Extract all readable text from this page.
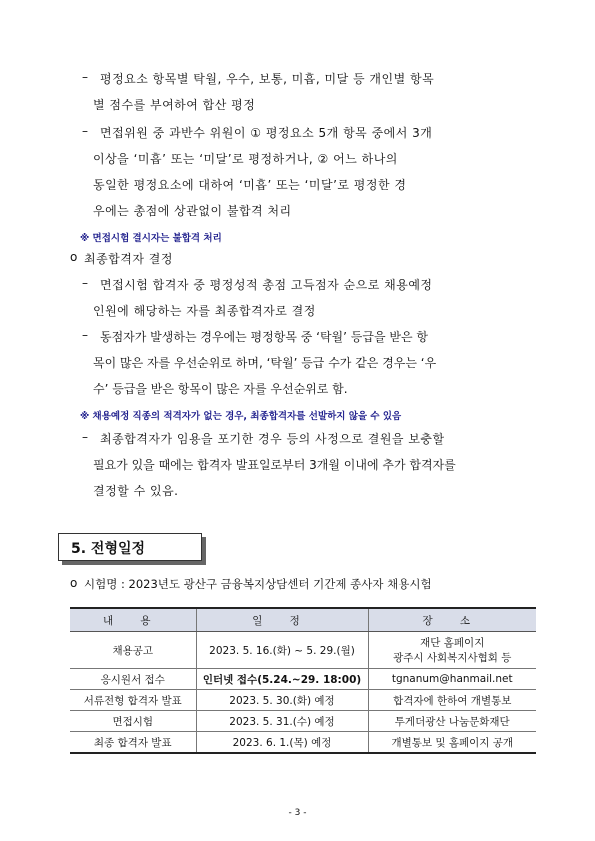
– 평정요소 항목별 탁월, 우수, 보통, 미흡, 미달 등 개인별 항목
별 점수를 부여하여 합산 평정
– 면접위원 중 과반수 위원이 ① 평정요소 5개 항목 중에서 3개
이상을 ‘미흡’ 또는 ‘미달’로 평정하거나, ② 어느 하나의
동일한 평정요소에 대하여 ‘미흡’ 또는 ‘미달’로 평정한 경
우에는 총점에 상관없이 불합격 처리
※ 면접시험 결시자는 불합격 처리
o 최종합격자 결정
– 면접시험 합격자 중 평정성적 총점 고득점자 순으로 채용예정
인원에 해당하는 자를 최종합격자로 결정
– 동점자가 발생하는 경우에는 평정항목 중 ‘탁월’ 등급을 받은 항
목이 많은 자를 우선순위로 하며, ‘탁월’ 등급 수가 같은 경우는 ‘우
수’ 등급을 받은 항목이 많은 자를 우선순위로 함.
※ 채용예정 직종의 적격자가 없는 경우, 최종합격자를 선발하지 않을 수 있음
– 최종합격자가 임용을 포기한 경우 등의 사정으로 결원을 보충할
필요가 있을 때에는 합격자 발표일로부터 3개월 이내에 추가 합격자를
결정할 수 있음.
5. 전형일정
o 시험명 : 2023년도 광산구 금융복지상담센터 기간제 종사자 채용시험
내 용	일 정	장 소
채용공고	2023. 5. 16.(화) ~ 5. 29.(월)	재단 홈페이지
광주시 사회복지사협회 등

응시원서 접수	인터넷 접수(5.24.~29. 18:00)	tgnanum@hanmail.net
서류전형 합격자 발표	2023. 5. 30.(화) 예정	합격자에 한하여 개별통보
면접시험	2023. 5. 31.(수) 예정	투게더광산 나눔문화재단
최종 합격자 발표	2023. 6. 1.(목) 예정	개별통보 및 홈페이지 공개
- 3 -
